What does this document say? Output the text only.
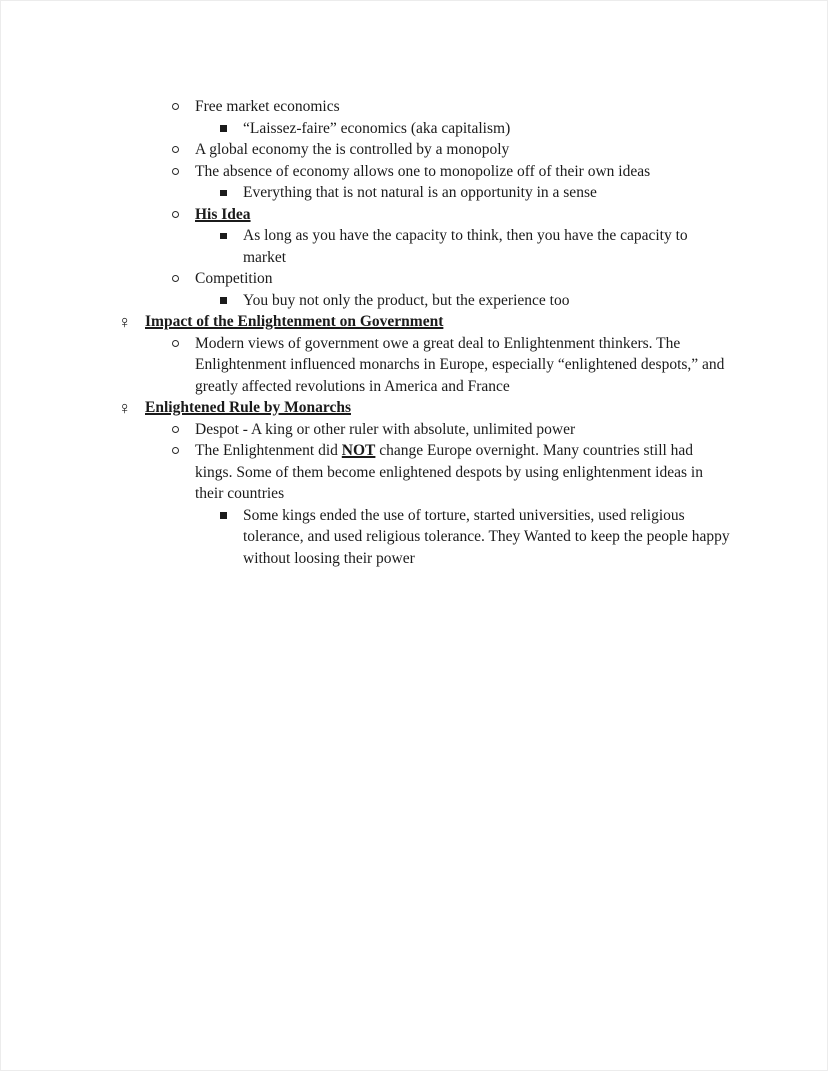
Free market economics
“Laissez-faire” economics (aka capitalism)
A global economy the is controlled by a monopoly
The absence of economy allows one to monopolize off of their own ideas
Everything that is not natural is an opportunity in a sense
His Idea
As long as you have the capacity to think, then you have the capacity to market
Competition
You buy not only the product, but the experience too
♀ Impact of the Enlightenment on Government
Modern views of government owe a great deal to Enlightenment thinkers. The Enlightenment influenced monarchs in Europe, especially “enlightened despots,” and greatly affected revolutions in America and France
♀ Enlightened Rule by Monarchs
Despot - A king or other ruler with absolute, unlimited power
The Enlightenment did NOT change Europe overnight. Many countries still had kings. Some of them become enlightened despots by using enlightenment ideas in their countries
Some kings ended the use of torture, started universities, used religious tolerance, and used religious tolerance. They Wanted to keep the people happy without loosing their power
